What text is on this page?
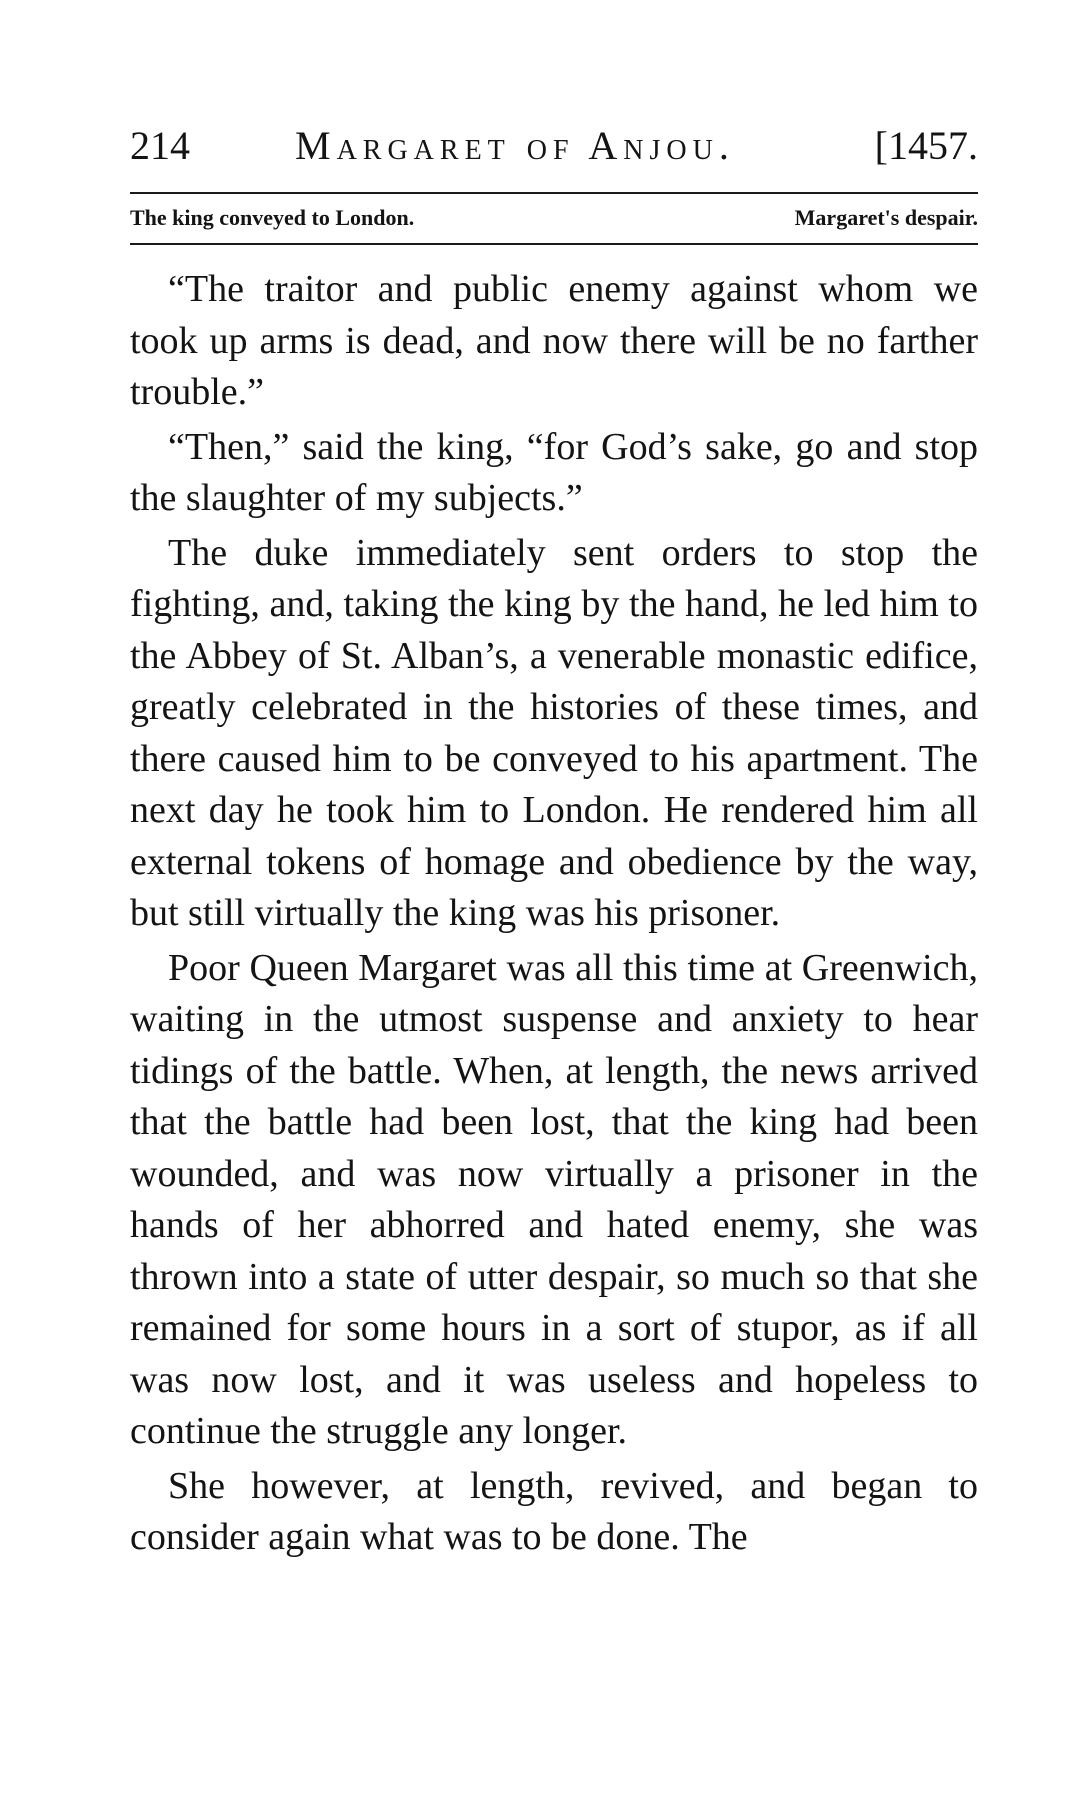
214	Margaret of Anjou.	[1457.
The king conveyed to London.	Margaret's despair.

“The traitor and public enemy against whom we took up arms is dead, and now there will be no farther trouble.”

“Then,” said the king, “for God’s sake, go and stop the slaughter of my subjects.”

The duke immediately sent orders to stop the fighting, and, taking the king by the hand, he led him to the Abbey of St. Alban’s, a venerable monastic edifice, greatly celebrated in the histories of these times, and there caused him to be conveyed to his apartment. The next day he took him to London. He rendered him all external tokens of homage and obedience by the way, but still virtually the king was his prisoner.

Poor Queen Margaret was all this time at Greenwich, waiting in the utmost suspense and anxiety to hear tidings of the battle. When, at length, the news arrived that the battle had been lost, that the king had been wounded, and was now virtually a prisoner in the hands of her abhorred and hated enemy, she was thrown into a state of utter despair, so much so that she remained for some hours in a sort of stupor, as if all was now lost, and it was useless and hopeless to continue the struggle any longer.

She however, at length, revived, and began to consider again what was to be done. The
